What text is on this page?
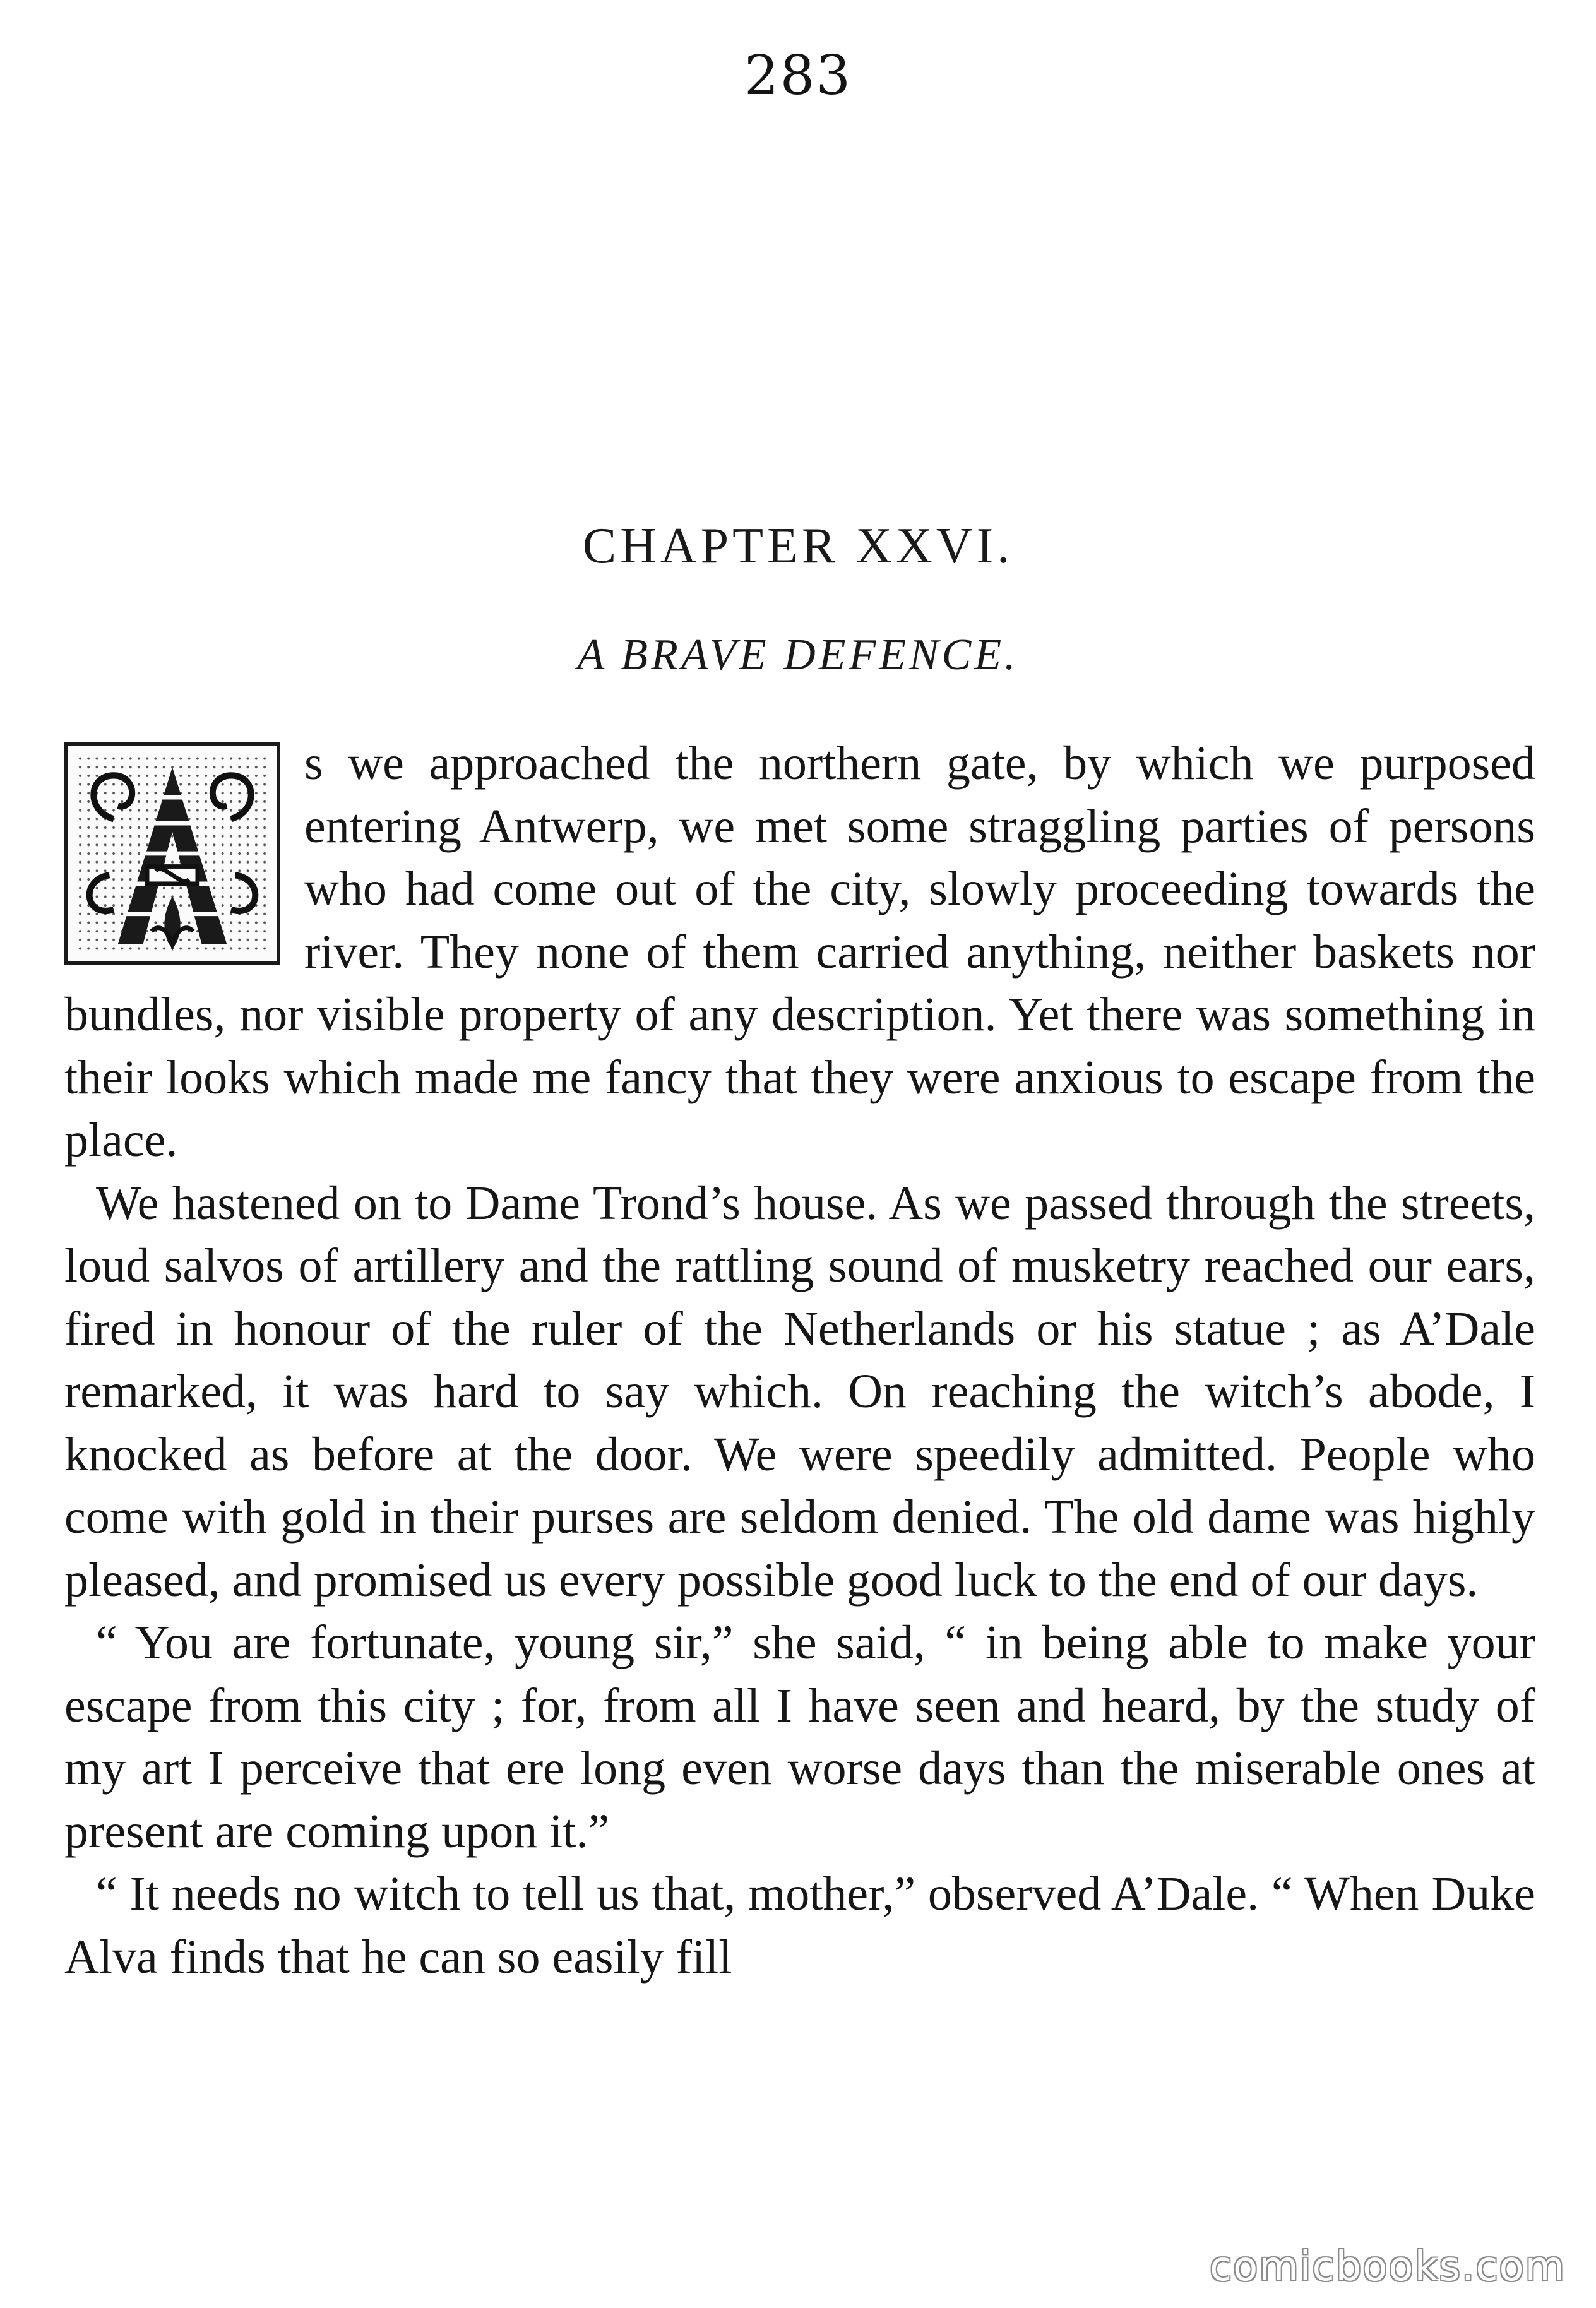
283
CHAPTER XXVI.
A BRAVE DEFENCE.

s we approached the northern gate, by which we purposed entering Antwerp, we met some straggling parties of persons who had come out of the city, slowly proceeding towards the river. They none of them carried anything, neither baskets nor bundles, nor visible property of any description. Yet there was something in their looks which made me fancy that they were anxious to escape from the place.

We hastened on to Dame Trond’s house. As we passed through the streets, loud salvos of artillery and the rattling sound of musketry reached our ears, fired in honour of the ruler of the Netherlands or his statue ; as A’Dale remarked, it was hard to say which. On reaching the witch’s abode, I knocked as before at the door. We were speedily admitted. People who come with gold in their purses are seldom denied. The old dame was highly pleased, and promised us every possible good luck to the end of our days.

“ You are fortunate, young sir,” she said, “ in being able to make your escape from this city ; for, from all I have seen and heard, by the study of my art I perceive that ere long even worse days than the miserable ones at present are coming upon it.”

“ It needs no witch to tell us that, mother,” observed A’Dale. “ When Duke Alva finds that he can so easily fill

comicbooks.com
